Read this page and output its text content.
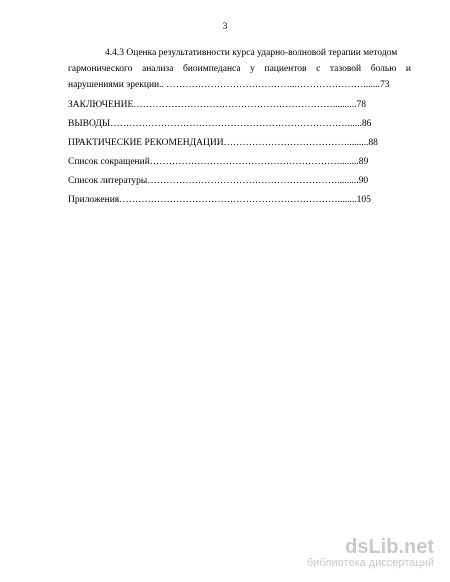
3
4.4.3 Оценка результативности курса ударно-волновой терапии методом
гармонического анализа биоимпеданса у пациентов с тазовой болью и
нарушениями эрекции.. …………………………………...………………….......73
ЗАКЛЮЧЕНИЕ………………………………………………………..........78
ВЫВОДЫ…………………………………………………………………......86
ПРАКТИЧЕСКИЕ РЕКОМЕНДАЦИИ………………………………….........88
Список сокращений……………………………………………………........89
Список литературы…………………………………………………….........90
Приложения……………………………………………………………........105
dsLib.net
библиотека диссертаций
